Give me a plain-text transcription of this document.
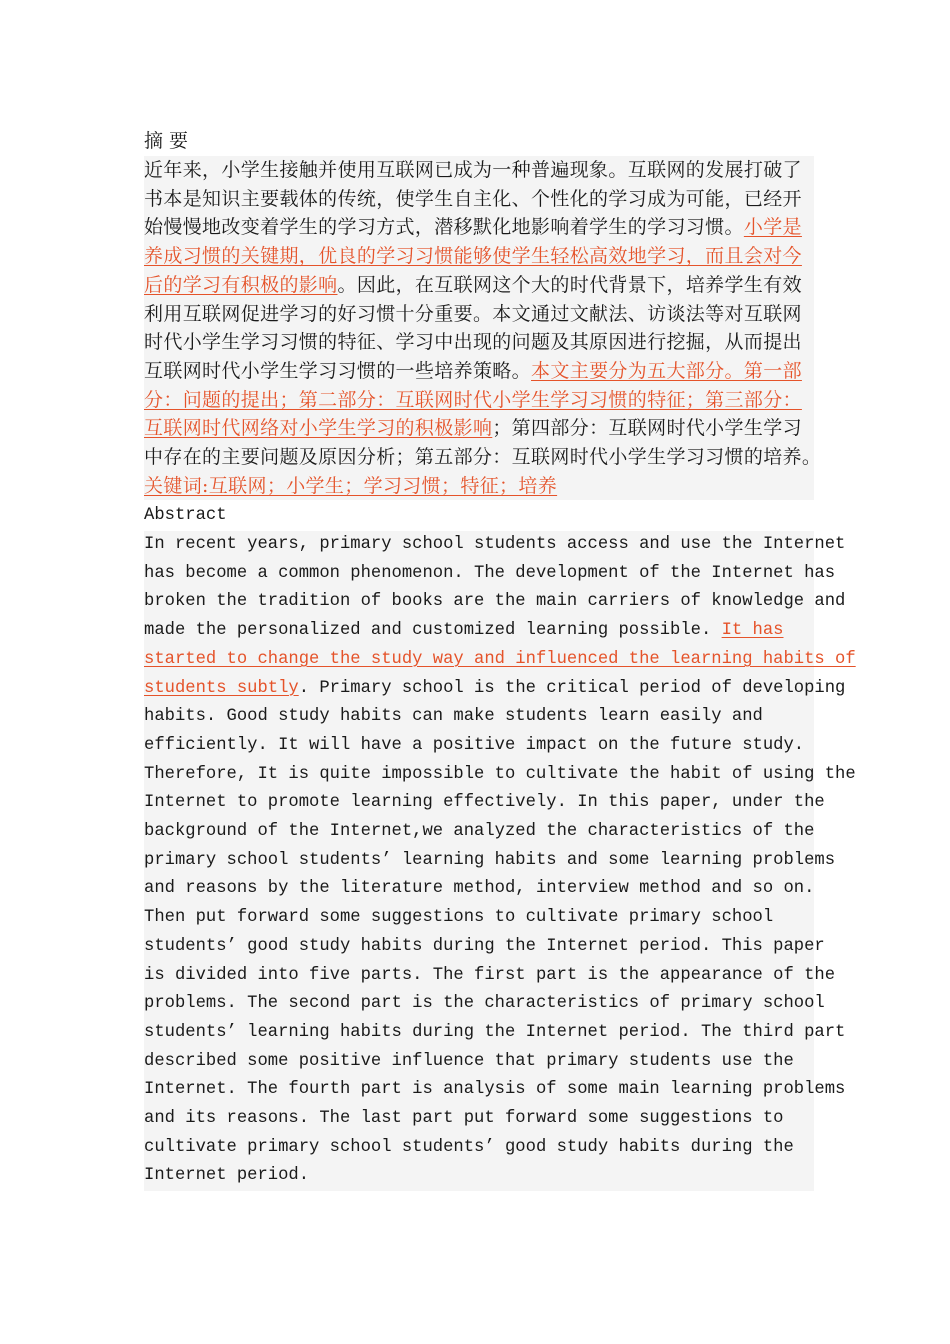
摘 要
近年来，小学生接触并使用互联网已成为一种普遍现象。互联网的发展打破了
书本是知识主要载体的传统，使学生自主化、个性化的学习成为可能，已经开
始慢慢地改变着学生的学习方式，潜移默化地影响着学生的学习习惯。小学是
养成习惯的关键期，优良的学习习惯能够使学生轻松高效地学习，而且会对今
后的学习有积极的影响。因此，在互联网这个大的时代背景下，培养学生有效
利用互联网促进学习的好习惯十分重要。本文通过文献法、访谈法等对互联网
时代小学生学习习惯的特征、学习中出现的问题及其原因进行挖掘，从而提出
互联网时代小学生学习习惯的一些培养策略。本文主要分为五大部分。第一部
分：问题的提出；第二部分：互联网时代小学生学习习惯的特征；第三部分：
互联网时代网络对小学生学习的积极影响；第四部分：互联网时代小学生学习
中存在的主要问题及原因分析；第五部分：互联网时代小学生学习习惯的培养。
关键词:互联网；小学生；学习习惯；特征；培养
Abstract
In recent years, primary school students access and use the Internet
has become a common phenomenon. The development of the Internet has
broken the tradition of books are the main carriers of knowledge and
made the personalized and customized learning possible. It has
started to change the study way and influenced the learning habits of
students subtly. Primary school is the critical period of developing
habits. Good study habits can make students learn easily and
efficiently. It will have a positive impact on the future study.
Therefore, It is quite impossible to cultivate the habit of using the
Internet to promote learning effectively. In this paper, under the
background of the Internet,we analyzed the characteristics of the
primary school students’ learning habits and some learning problems
and reasons by the literature method, interview method and so on.
Then put forward some suggestions to cultivate primary school
students’ good study habits during the Internet period. This paper
is divided into five parts. The first part is the appearance of the
problems. The second part is the characteristics of primary school
students’ learning habits during the Internet period. The third part
described some positive influence that primary students use the
Internet. The fourth part is analysis of some main learning problems
and its reasons. The last part put forward some suggestions to
cultivate primary school students’ good study habits during the
Internet period.
